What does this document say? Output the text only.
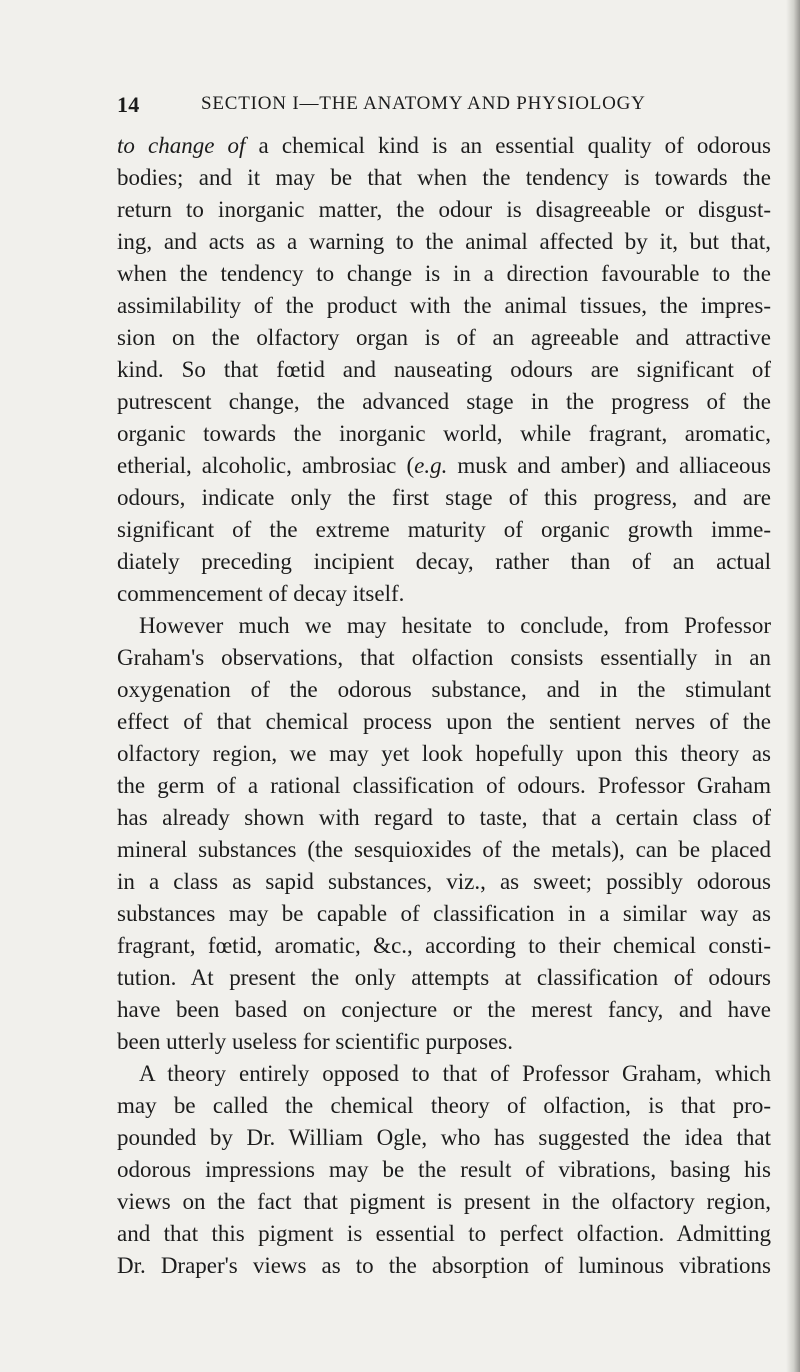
14	SECTION I—THE ANATOMY AND PHYSIOLOGY
to change of a chemical kind is an essential quality of odorous
bodies; and it may be that when the tendency is towards the
return to inorganic matter, the odour is disagreeable or disgust-
ing, and acts as a warning to the animal affected by it, but that,
when the tendency to change is in a direction favourable to the
assimilability of the product with the animal tissues, the impres-
sion on the olfactory organ is of an agreeable and attractive
kind. So that fœtid and nauseating odours are significant of
putrescent change, the advanced stage in the progress of the
organic towards the inorganic world, while fragrant, aromatic,
etherial, alcoholic, ambrosiac (e.g. musk and amber) and alliaceous
odours, indicate only the first stage of this progress, and are
significant of the extreme maturity of organic growth imme-
diately preceding incipient decay, rather than of an actual
commencement of decay itself.
However much we may hesitate to conclude, from Professor
Graham's observations, that olfaction consists essentially in an
oxygenation of the odorous substance, and in the stimulant
effect of that chemical process upon the sentient nerves of the
olfactory region, we may yet look hopefully upon this theory as
the germ of a rational classification of odours. Professor Graham
has already shown with regard to taste, that a certain class of
mineral substances (the sesquioxides of the metals), can be placed
in a class as sapid substances, viz., as sweet; possibly odorous
substances may be capable of classification in a similar way as
fragrant, fœtid, aromatic, &c., according to their chemical consti-
tution. At present the only attempts at classification of odours
have been based on conjecture or the merest fancy, and have
been utterly useless for scientific purposes.
A theory entirely opposed to that of Professor Graham, which
may be called the chemical theory of olfaction, is that pro-
pounded by Dr. William Ogle, who has suggested the idea that
odorous impressions may be the result of vibrations, basing his
views on the fact that pigment is present in the olfactory region,
and that this pigment is essential to perfect olfaction. Admitting
Dr. Draper's views as to the absorption of luminous vibrations
